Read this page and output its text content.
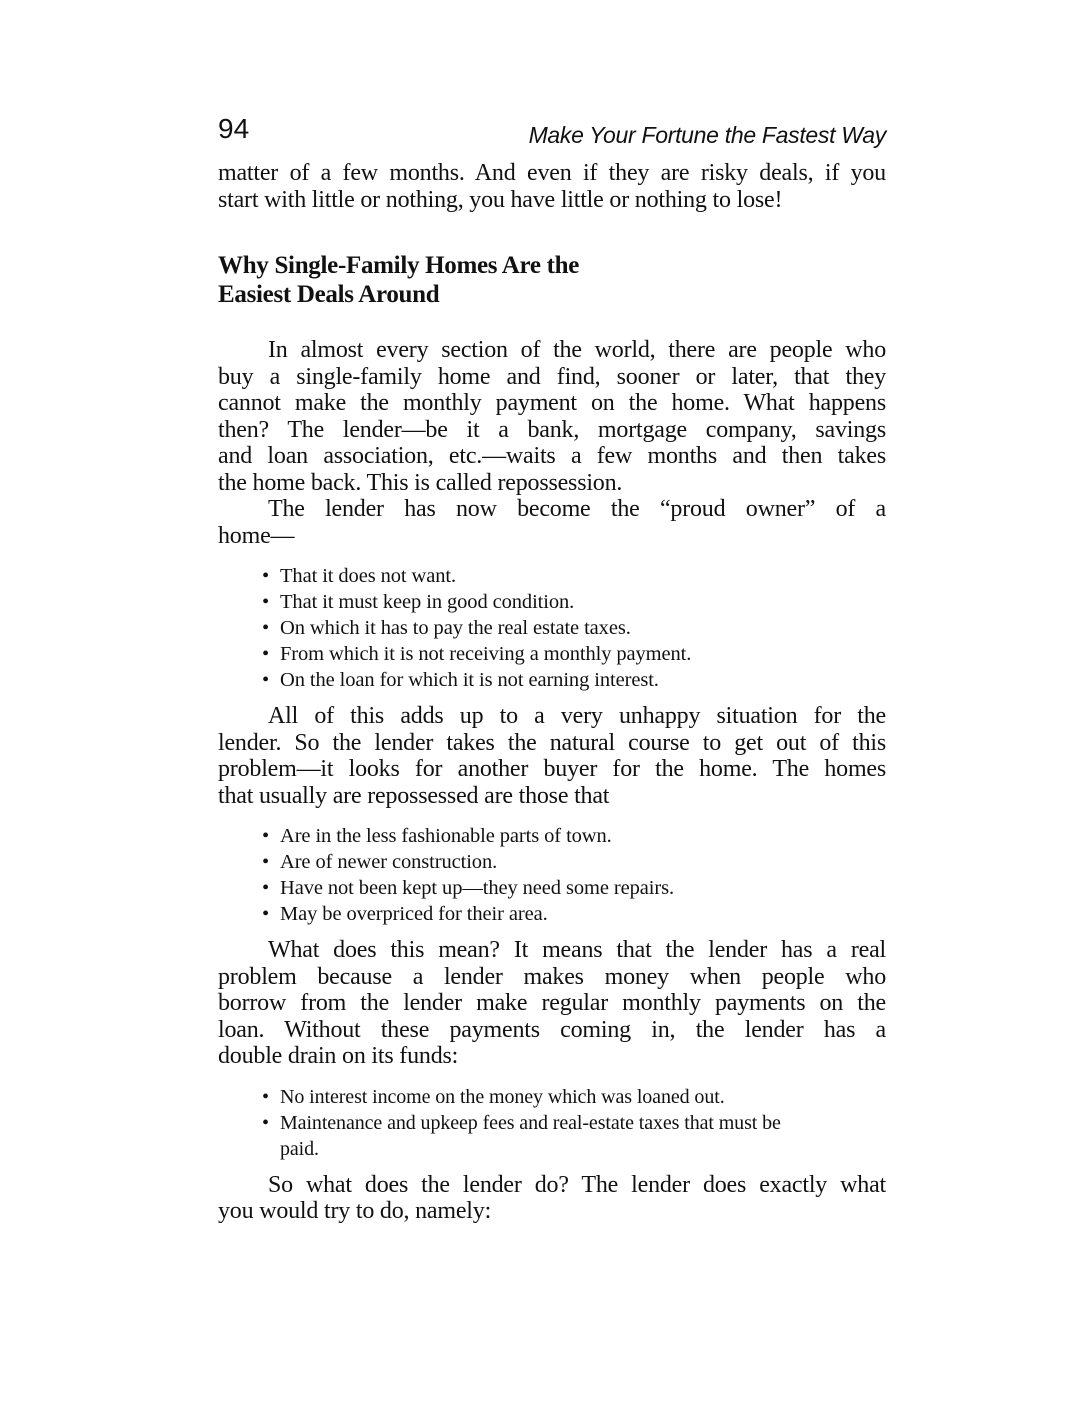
94	Make Your Fortune the Fastest Way
matter of a few months. And even if they are risky deals, if you
start with little or nothing, you have little or nothing to lose!
Why Single-Family Homes Are the
Easiest Deals Around
In almost every section of the world, there are people who
buy a single-family home and find, sooner or later, that they
cannot make the monthly payment on the home. What happens
then? The lender—be it a bank, mortgage company, savings
and loan association, etc.—waits a few months and then takes
the home back. This is called repossession.
The lender has now become the “proud owner” of a
home—
• That it does not want.
• That it must keep in good condition.
• On which it has to pay the real estate taxes.
• From which it is not receiving a monthly payment.
• On the loan for which it is not earning interest.
All of this adds up to a very unhappy situation for the
lender. So the lender takes the natural course to get out of this
problem—it looks for another buyer for the home. The homes
that usually are repossessed are those that
• Are in the less fashionable parts of town.
• Are of newer construction.
• Have not been kept up—they need some repairs.
• May be overpriced for their area.
What does this mean? It means that the lender has a real
problem because a lender makes money when people who
borrow from the lender make regular monthly payments on the
loan. Without these payments coming in, the lender has a
double drain on its funds:
• No interest income on the money which was loaned out.
• Maintenance and upkeep fees and real-estate taxes that must be
paid.
So what does the lender do? The lender does exactly what
you would try to do, namely:
